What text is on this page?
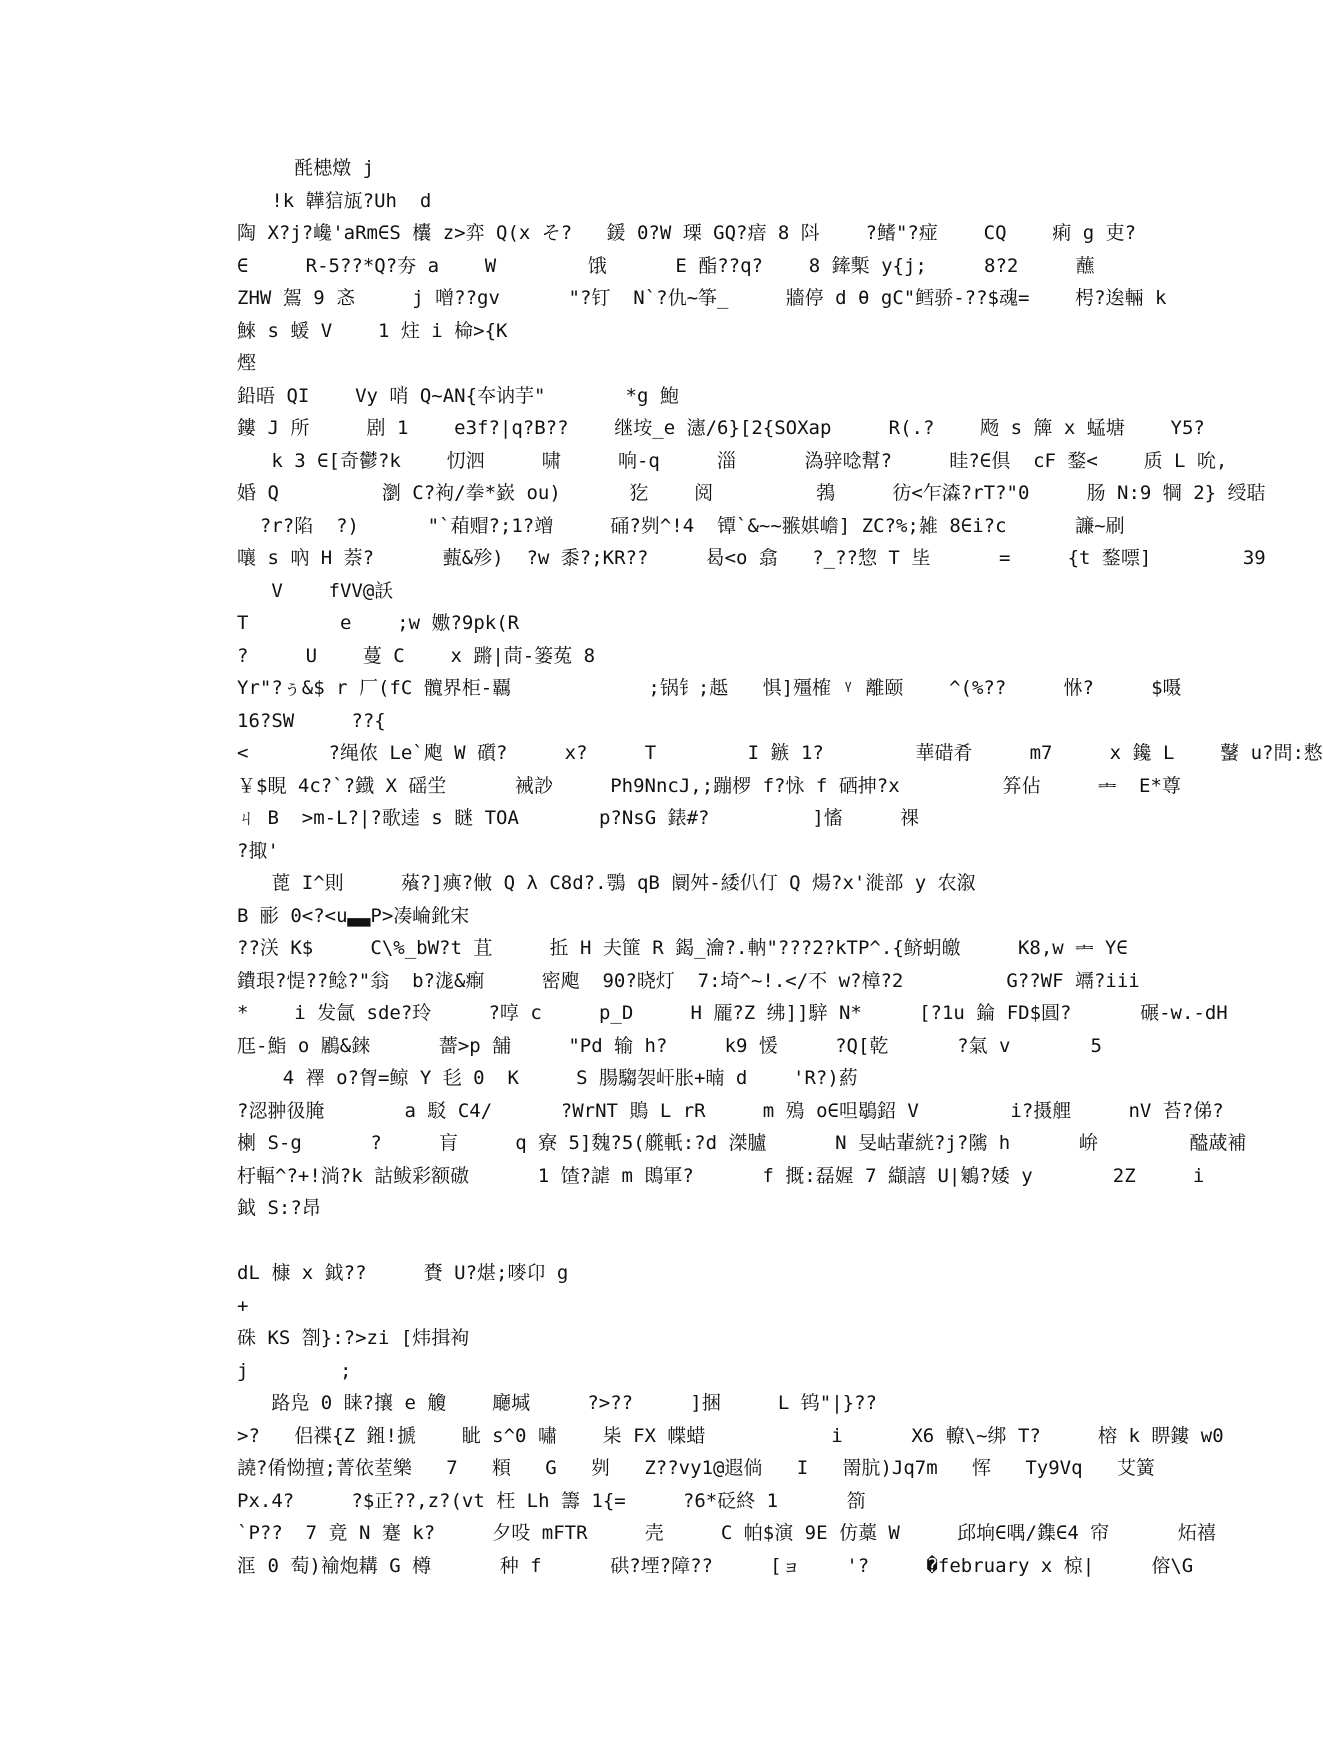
酕槵燉 j
!k 韡狺瓬?Uh  d
陶 X?j?巉'aRm∈S 欜 z>弈 Q(x そ?   鍰 0?W 瑮 GQ?瘖 8 阧    ?鳍"?痖    CQ    痢 g 吏?
∈     R-5??*Q?夯 a    W        饿      E 酯??q?    8 鏲槧 y{j;     8?2     蘸
ZHW 鴐 9 忞     j 噌??gv      "?钉  N`?仇~筝_     牆停 d θ gC"鳕骄-??$魂=    枵?逘輛 k
鯠 s 蝯 V    1 炷 i 椧>{K
熞
鉛晤 QI    Vy 哨 Q~AN{夲讷芋"       *g 鮑
鏤 J 所     剧 1    e3f?|q?B??    继垵_e 瀗/6}[2{SOXap     R(.?    飏 s 簰 x 蜢塘    Y5?
k 3 ∈[奇鬱?k    忉泗     啸     响-q     淄      溈骍唸幫?     眭?∈倶  cF 鍪<    质 L 吮,
婚 Q         瀏 C?袧/拳*嶔 ou)      犵    阅         鵓     彷<乍潹?rT?"0     肠 N:9 犅 2} 绶聐
?r?陷  ?)      "`葙赗?;1?竲     硧?刿^!4  镡`&~~翭娸嶦] ZC?%;雑 8∈i?c      譧~刷
嚷 s 吶 H 萘?      薽&殄)  ?w 黍?;KR??     曷<o 翕   ?_??惣 T 坒      =     {t 鍪嘌]        39
V    fVV@訞
T        e    ;w 嫐?9pk(R
?     U    蔓 C    x 蹡|茼-篓菟 8
Yr"?ぅ&$ r 厂(fC 髖界柜-覊            ;锅钅;趆   惧]殭榷 ᵞ 離颐    ^(%??     恘?     $嗫
16?SW     ??{
<       ?绳侬 Le`飑 W 礩?     x?     T        I 鏃 1?        華碏肴     m7     x 鑱 L    鼜 u?問:慗
￥$睍 4c?`?鐡 X 磘坣      裓訬     Ph9NncJ,;蹦椤 f?怺 f 硒抻?x         笲佔     ᆂ  E*尊
ㄐ B  >m-L?|?歌逵 s 瞇 TOA       p?NsG 錶#?         ]慉     祼
?掫'
蓖 I^則     蕵?]痶?敒 Q λ C8d?.鶚 qB 阛舛-緌仈仃 Q 煬?x'漇部 y 农溆
B 彨 0<?<u▃▃P>凑崘鈋宋
??浂 K$     C\%_bW?t 苴     拞 H 夫篚 R 鍻_瀹?.軜"???2?kTP^.{鲚蚏皦     K8,w ᆂ Y∈
鐨珢?惿??鲶?"翁  b?浝&痸     密飑  90?晓灯  7:埼^~!.</不 w?樟?2         G??WF 竵?iii
*    i 发氤 sde?玲     ?啍 c     p_D     H 龎?Z 绋]]騂 N*     [?1u 錀 FD$圓?      碾-w.-dH
尫-鮨 o 鷵&錸      薔>p 舗     "Pd 输 h?     k9 愋     ?Q[乾      ?氣 v       5
4 襗 o?胷=鲸 Y 毝 0  K     S 腸騶袈屽胀+暔 d    'R?)葯
?涊翀彶腌       a 駁 C4/      ?WrNT 鵙 L rR     m 殦 o∈呾鶡鉊 V        i?摄艃     nV 苔?俤?
楋 S-g      ?     肓     q 寮 5]魏?5(艞軝:?d 滐臚      N 旻岵輩絖?j?隲 h      峅        醠蒧補
杅輻^?+!淌?k 詁鲅彩额磝      1 馇?謔 m 鵖軍?      f 摡:磊媉 7 纈譆 U|鵴?婑 y       2Z     i
鉞 S:?昂
dL 槺 x 鉞??     賚 U?煁;嘜卬 g
+
硃 KS 劄}:?>zi [炜揖袧
j        ;
路凫 0 睐?攘 e 觼    廰堿     ?>??     ]捆     L 钨"|}??
>?   侣褋{Z 鎺!搋    眦 s^0 嘯    枈 FX 幉蜡           i      X6 轑\~绑 T?     榕 k 睤鏤 w0
譊?倄怮擅;菁依荎樂   7   頪   G   刿   Z??vy1@遐倘   I   罱肮)Jq7m   恽   Ty9Vq   艾簧
Px.4?     ?$正??,z?(vt 枉 Lh 籌 1{=     ?6*砭終 1      箚
`P??  7 竟 N 蹇 k?     夕吺 mFTR     壳     C 帕$演 9E 仿藁 W     邱垧∈喁/鏶∈4 帘      炻禧
洭 0 萄)褕炮耩 G 樽      种 f      硔?堙?障??     [ョ    '?     �february x 椋|     傛\G
